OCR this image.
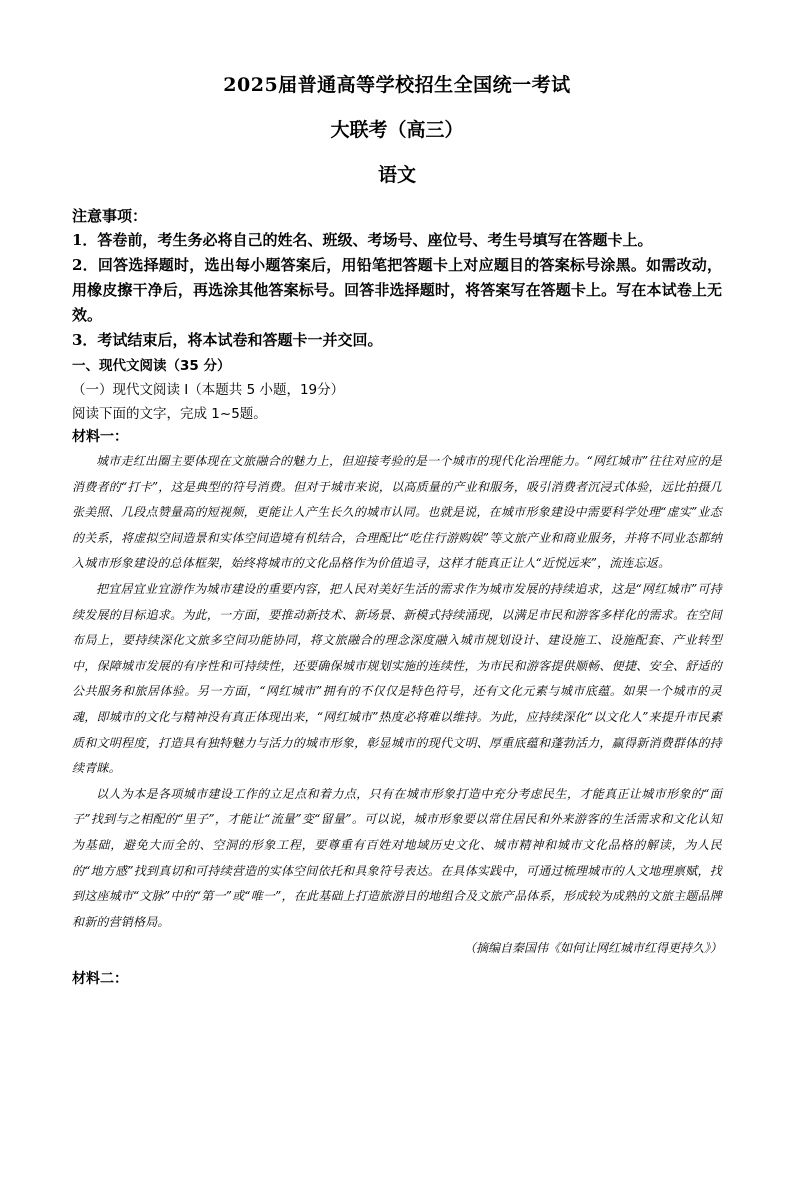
2025届普通高等学校招生全国统一考试
大联考（高三）
语文
注意事项：
1．答卷前，考生务必将自己的姓名、班级、考场号、座位号、考生号填写在答题卡上。
2．回答选择题时，选出每小题答案后，用铅笔把答题卡上对应题目的答案标号涂黑。如需改动，用橡皮擦干净后，再选涂其他答案标号。回答非选择题时，将答案写在答题卡上。写在本试卷上无效。
3．考试结束后，将本试卷和答题卡一并交回。
一、现代文阅读（35 分）
（一）现代文阅读 I（本题共 5 小题，19分）
阅读下面的文字，完成 1~5题。
材料一：
城市走红出圈主要体现在文旅融合的魅力上，但迎接考验的是一个城市的现代化治理能力。“网红城市”往往对应的是消费者的“打卡”，这是典型的符号消费。但对于城市来说，以高质量的产业和服务，吸引消费者沉浸式体验，远比拍摄几张美照、几段点赞量高的短视频，更能让人产生长久的城市认同。也就是说，在城市形象建设中需要科学处理“虚实”业态的关系，将虚拟空间造景和实体空间造境有机结合，合理配比“吃住行游购娱”等文旅产业和商业服务，并将不同业态都纳入城市形象建设的总体框架，始终将城市的文化品格作为价值追寻，这样才能真正让人“近悦远来”，流连忘返。
把宜居宜业宜游作为城市建设的重要内容，把人民对美好生活的需求作为城市发展的持续追求，这是“网红城市”可持续发展的目标追求。为此，一方面，要推动新技术、新场景、新模式持续涌现，以满足市民和游客多样化的需求。在空间布局上，要持续深化文旅多空间功能协同，将文旅融合的理念深度融入城市规划设计、建设施工、设施配套、产业转型中，保障城市发展的有序性和可持续性，还要确保城市规划实施的连续性，为市民和游客提供顺畅、便捷、安全、舒适的公共服务和旅居体验。另一方面，“网红城市”拥有的不仅仅是特色符号，还有文化元素与城市底蕴。如果一个城市的灵魂，即城市的文化与精神没有真正体现出来，“网红城市”热度必将难以维持。为此，应持续深化“以文化人”来提升市民素质和文明程度，打造具有独特魅力与活力的城市形象，彰显城市的现代文明、厚重底蕴和蓬勃活力，赢得新消费群体的持续青睐。
以人为本是各项城市建设工作的立足点和着力点，只有在城市形象打造中充分考虑民生，才能真正让城市形象的“面子”找到与之相配的“里子”，才能让“流量”变“留量”。可以说，城市形象要以常住居民和外来游客的生活需求和文化认知为基础，避免大而全的、空洞的形象工程，要尊重有百姓对地域历史文化、城市精神和城市文化品格的解读，为人民的“地方感”找到真切和可持续营造的实体空间依托和具象符号表达。在具体实践中，可通过梳理城市的人文地理禀赋，找到这座城市“文脉”中的“第一”或“唯一”，在此基础上打造旅游目的地组合及文旅产品体系，形成较为成熟的文旅主题品牌和新的营销格局。
（摘编自秦国伟《如何让网红城市红得更持久》）
材料二：
